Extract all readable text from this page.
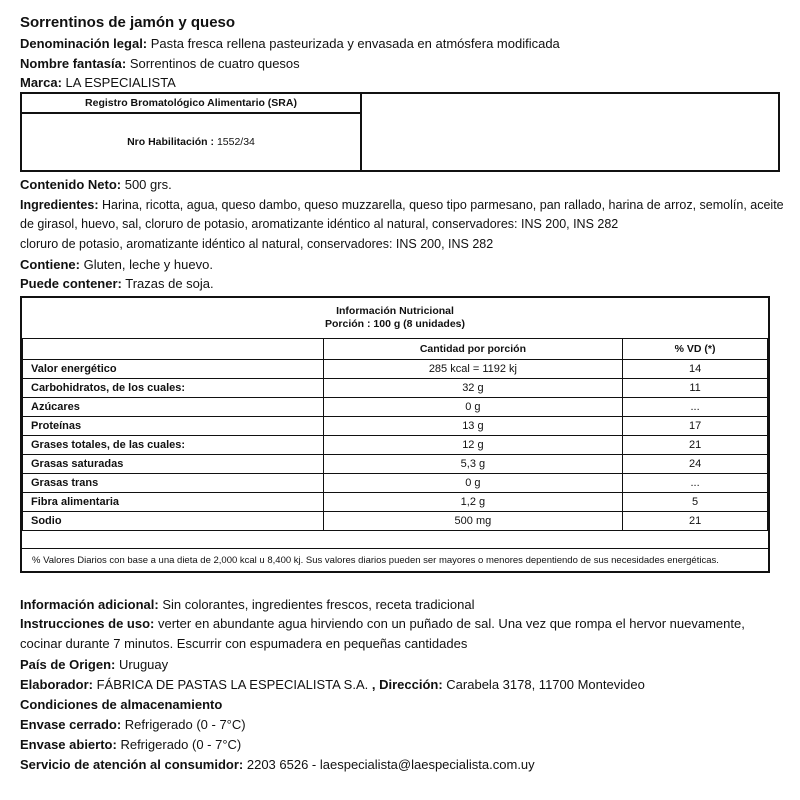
Sorrentinos de jamón y queso
Denominación legal: Pasta fresca rellena pasteurizada y envasada en atmósfera modificada
Nombre fantasía: Sorrentinos de cuatro quesos
Marca: LA ESPECIALISTA
Registro Bromatológico Alimentario (SRA)
Nro Habilitación : 1552/34
Contenido Neto: 500 grs.
Ingredientes: Harina, ricotta, agua, queso dambo, queso muzzarella, queso tipo parmesano, pan rallado, harina de arroz, semolín, aceite
de girasol, huevo, sal, cloruro de potasio, aromatizante idéntico al natural, conservadores: INS 200, INS 282
cloruro de potasio, aromatizante idéntico al natural, conservadores: INS 200, INS 282
Contiene: Gluten, leche y huevo.
Puede contener: Trazas de soja.
Información Nutricional
Porción : 100 g (8 unidades)
	Cantidad por porción	% VD (*)
Valor energético	285 kcal = 1192 kj	14
Carbohidratos, de los cuales:	32 g	11
Azúcares	0 g	...
Proteínas	13 g	17
Grases totales, de las cuales:	12 g	21
Grasas saturadas	5,3 g	24
Grasas trans	0 g	...
Fibra alimentaria	1,2 g	5
Sodio	500 mg	21
% Valores Diarios con base a una dieta de 2,000 kcal u 8,400 kj. Sus valores diarios pueden ser mayores o menores depentiendo de sus necesidades energéticas.
Información adicional: Sin colorantes, ingredientes frescos, receta tradicional
Instrucciones de uso: verter en abundante agua hirviendo con un puñado de sal. Una vez que rompa el hervor nuevamente,
cocinar durante 7 minutos. Escurrir con espumadera en pequeñas cantidades
País de Origen: Uruguay
Elaborador: FÁBRICA DE PASTAS LA ESPECIALISTA S.A. , Dirección: Carabela 3178, 11700 Montevideo
Condiciones de almacenamiento
Envase cerrado: Refrigerado (0 - 7°C)
Envase abierto: Refrigerado (0 - 7°C)
Servicio de atención al consumidor: 2203 6526 - laespecialista@laespecialista.com.uy
